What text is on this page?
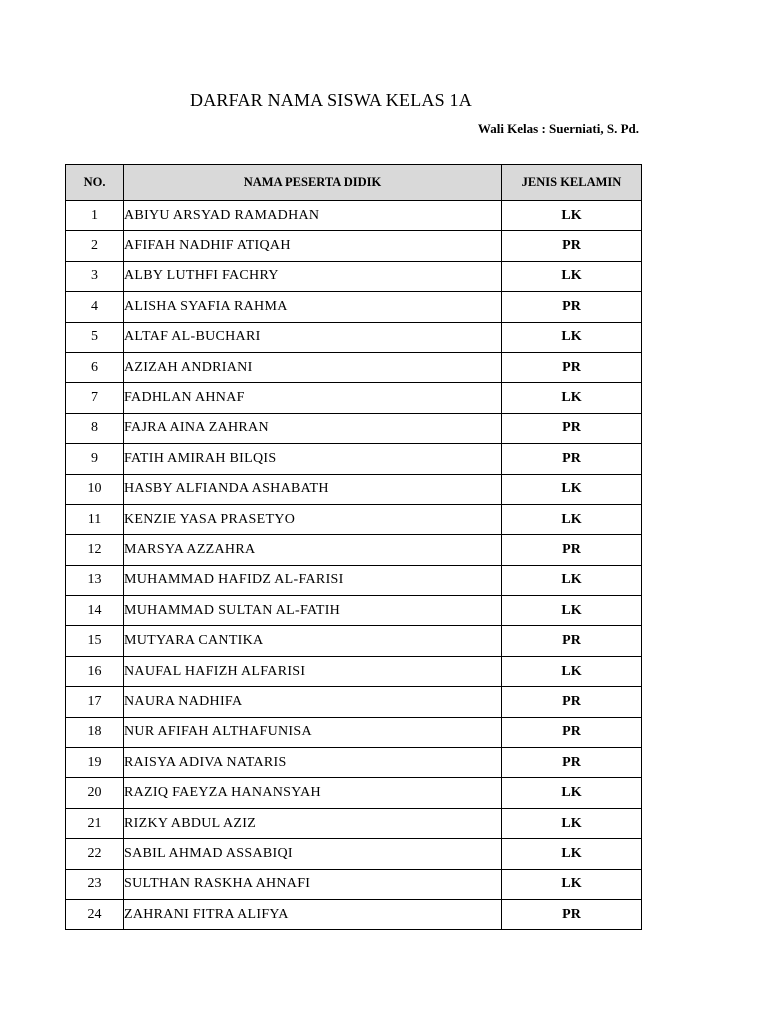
DARFAR NAMA SISWA KELAS 1A
Wali Kelas : Suerniati, S. Pd.
NO.	NAMA PESERTA DIDIK	JENIS KELAMIN
1	ABIYU ARSYAD RAMADHAN	LK
2	AFIFAH NADHIF ATIQAH	PR
3	ALBY LUTHFI FACHRY	LK
4	ALISHA SYAFIA RAHMA	PR
5	ALTAF AL-BUCHARI	LK
6	AZIZAH ANDRIANI	PR
7	FADHLAN AHNAF	LK
8	FAJRA AINA ZAHRAN	PR
9	FATIH AMIRAH BILQIS	PR
10	HASBY ALFIANDA ASHABATH	LK
11	KENZIE YASA PRASETYO	LK
12	MARSYA AZZAHRA	PR
13	MUHAMMAD HAFIDZ AL-FARISI	LK
14	MUHAMMAD SULTAN AL-FATIH	LK
15	MUTYARA CANTIKA	PR
16	NAUFAL HAFIZH ALFARISI	LK
17	NAURA NADHIFA	PR
18	NUR AFIFAH ALTHAFUNISA	PR
19	RAISYA ADIVA NATARIS	PR
20	RAZIQ FAEYZA HANANSYAH	LK
21	RIZKY ABDUL AZIZ	LK
22	SABIL AHMAD ASSABIQI	LK
23	SULTHAN RASKHA AHNAFI	LK
24	ZAHRANI FITRA ALIFYA	PR
